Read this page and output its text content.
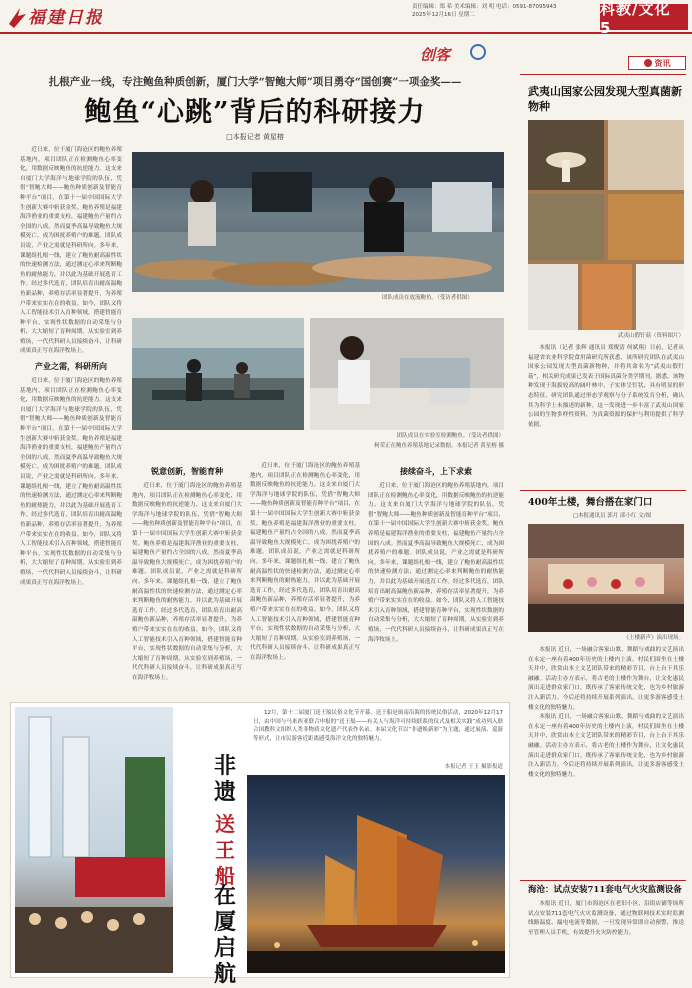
福建日报
责任编辑：郑 希 美术编辑：刘 明 电话：0591-87095943
2025年12月16日 星期二	科教/文化 5
创客
扎根产业一线，专注鲍鱼种质创新，厦门大学“智鲍大师”项目勇夺“国创赛”一项金奖——
鲍鱼“心跳”背后的科研接力
□本报记者 黄星榕

近日来，位于厦门海沧区的鲍鱼养殖基地内，项目团队正在检测鲍鱼心率变化，用数据反映鲍鱼的抗逆能力。这支来自厦门大学海洋与地球学院的队伍，凭借“智鲍大师——鲍鱼种质创新及智能育种平台”项目，在第十一届中国国际大学生创新大赛中斩获金奖。鲍鱼养殖是福建海洋渔业的重要支柱，福建鲍鱼产量约占全国的八成。然而夏季高温导致鲍鱼大规模死亡，成为困扰养殖户的难题。团队成员说，产业之需就是科研所向。多年来，课题组扎根一线，建立了鲍鱼耐高温性状的快速检测方法，通过测定心率来判断鲍鱼的耐热能力，并以此为基础开展选育工作。经过多代选育，团队培育出耐高温鲍鱼新品种，养殖存活率显著提升，为养殖户带来实实在在的收益。如今，团队又将人工智能技术引入育种领域，搭建智能育种平台，实现性状数据的自动采集与分析，大大缩短了育种周期。从实验室到养殖场，一代代科研人员接续奋斗，让科研成果真正写在海洋牧场上。

产业之需，科研所向

近日来，位于厦门海沧区的鲍鱼养殖基地内，项目团队正在检测鲍鱼心率变化，用数据反映鲍鱼的抗逆能力。这支来自厦门大学海洋与地球学院的队伍，凭借“智鲍大师——鲍鱼种质创新及智能育种平台”项目，在第十一届中国国际大学生创新大赛中斩获金奖。鲍鱼养殖是福建海洋渔业的重要支柱，福建鲍鱼产量约占全国的八成。然而夏季高温导致鲍鱼大规模死亡，成为困扰养殖户的难题。团队成员说，产业之需就是科研所向。多年来，课题组扎根一线，建立了鲍鱼耐高温性状的快速检测方法，通过测定心率来判断鲍鱼的耐热能力，并以此为基础开展选育工作。经过多代选育，团队培育出耐高温鲍鱼新品种，养殖存活率显著提升，为养殖户带来实实在在的收益。如今，团队又将人工智能技术引入育种领域，搭建智能育种平台，实现性状数据的自动采集与分析，大大缩短了育种周期。从实验室到养殖场，一代代科研人员接续奋斗，让科研成果真正写在海洋牧场上。

团队成员在放流鲍鱼。（受访者供图）
团队成员在实验室检测鲍鱼。（受访者供图）
柯荣正在鲍鱼养殖基地记录数据。本报记者 黄星榕 摄

锐意创新，智能育种

近日来，位于厦门海沧区的鲍鱼养殖基地内，项目团队正在检测鲍鱼心率变化，用数据反映鲍鱼的抗逆能力。这支来自厦门大学海洋与地球学院的队伍，凭借“智鲍大师——鲍鱼种质创新及智能育种平台”项目，在第十一届中国国际大学生创新大赛中斩获金奖。鲍鱼养殖是福建海洋渔业的重要支柱，福建鲍鱼产量约占全国的八成。然而夏季高温导致鲍鱼大规模死亡，成为困扰养殖户的难题。团队成员说，产业之需就是科研所向。多年来，课题组扎根一线，建立了鲍鱼耐高温性状的快速检测方法，通过测定心率来判断鲍鱼的耐热能力，并以此为基础开展选育工作。经过多代选育，团队培育出耐高温鲍鱼新品种，养殖存活率显著提升，为养殖户带来实实在在的收益。如今，团队又将人工智能技术引入育种领域，搭建智能育种平台，实现性状数据的自动采集与分析，大大缩短了育种周期。从实验室到养殖场，一代代科研人员接续奋斗，让科研成果真正写在海洋牧场上。

近日来，位于厦门海沧区的鲍鱼养殖基地内，项目团队正在检测鲍鱼心率变化，用数据反映鲍鱼的抗逆能力。这支来自厦门大学海洋与地球学院的队伍，凭借“智鲍大师——鲍鱼种质创新及智能育种平台”项目，在第十一届中国国际大学生创新大赛中斩获金奖。鲍鱼养殖是福建海洋渔业的重要支柱，福建鲍鱼产量约占全国的八成。然而夏季高温导致鲍鱼大规模死亡，成为困扰养殖户的难题。团队成员说，产业之需就是科研所向。多年来，课题组扎根一线，建立了鲍鱼耐高温性状的快速检测方法，通过测定心率来判断鲍鱼的耐热能力，并以此为基础开展选育工作。经过多代选育，团队培育出耐高温鲍鱼新品种，养殖存活率显著提升，为养殖户带来实实在在的收益。如今，团队又将人工智能技术引入育种领域，搭建智能育种平台，实现性状数据的自动采集与分析，大大缩短了育种周期。从实验室到养殖场，一代代科研人员接续奋斗，让科研成果真正写在海洋牧场上。

接续奋斗，上下求索

近日来，位于厦门海沧区的鲍鱼养殖基地内，项目团队正在检测鲍鱼心率变化，用数据反映鲍鱼的抗逆能力。这支来自厦门大学海洋与地球学院的队伍，凭借“智鲍大师——鲍鱼种质创新及智能育种平台”项目，在第十一届中国国际大学生创新大赛中斩获金奖。鲍鱼养殖是福建海洋渔业的重要支柱，福建鲍鱼产量约占全国的八成。然而夏季高温导致鲍鱼大规模死亡，成为困扰养殖户的难题。团队成员说，产业之需就是科研所向。多年来，课题组扎根一线，建立了鲍鱼耐高温性状的快速检测方法，通过测定心率来判断鲍鱼的耐热能力，并以此为基础开展选育工作。经过多代选育，团队培育出耐高温鲍鱼新品种，养殖存活率显著提升，为养殖户带来实实在在的收益。如今，团队又将人工智能技术引入育种领域，搭建智能育种平台，实现性状数据的自动采集与分析，大大缩短了育种周期。从实验室到养殖场，一代代科研人员接续奋斗，让科研成果真正写在海洋牧场上。

非遗
送王船
在厦启航

12月，第十二届厦门送王船民俗文化节开幕。送王船是闽南沿海的传统民俗活动，2020年12月17日，由中国与马来西亚联合申报的“送王船——有关人与海洋可持续联系的仪式及相关实践”成功列入联合国教科文组织人类非物质文化遗产代表作名录。本届文化节以“非遗焕新彩”为主题，通过展演、巡游等形式，让市民游客近距离感受海洋文化的独特魅力。

本报记者 王玉 摄影报道
资讯
武夷山国家公园发现大型真菌新物种
武夷山假钉菇（资料图片）

本报讯（记者 张辉 通讯员 郑俊清 何斌翔）日前，记者从福建省农业科学院食用菌研究所获悉，该所研究团队在武夷山国家公园发现大型真菌新物种，并将其命名为“武夷山假钉菇”，相关研究成果已发表于国际真菌分类学期刊。据悉，该物种发现于海拔较高的阔叶林中，子实体呈钉状，具有明显的形态特征。研究团队通过形态学观察与分子系统发育分析，确认其为科学上未描述的新种。这一发现进一步丰富了武夷山国家公园的生物多样性资料，为真菌资源的保护与利用提供了科学依据。

400年土楼，舞台搭在家门口
□本报通讯员 郭月 邱小红 文/图
《土楼新声》演出现场。

本报讯 近日，一场融合客家山歌、舞蹈与戏曲的文艺演出在永定一座有着400年历史的土楼内上演。村民们围坐在土楼天井中，欣赏由本土文艺团队带来的精彩节目，台上台下其乐融融。活动主办方表示，将古老的土楼作为舞台，让文化惠民演出走进群众家门口，既传承了客家传统文化，也为乡村旅游注入新活力。今后还将持续开展系列演出，让更多游客感受土楼文化的独特魅力。

本报讯 近日，一场融合客家山歌、舞蹈与戏曲的文艺演出在永定一座有着400年历史的土楼内上演。村民们围坐在土楼天井中，欣赏由本土文艺团队带来的精彩节目，台上台下其乐融融。活动主办方表示，将古老的土楼作为舞台，让文化惠民演出走进群众家门口，既传承了客家传统文化，也为乡村旅游注入新活力。今后还将持续开展系列演出，让更多游客感受土楼文化的独特魅力。

海沧：试点安装711套电气火灾监测设备

本报讯 近日，厦门市海沧区在老旧小区、沿街店铺等场所试点安装711套电气火灾监测设备，通过物联网技术实时监测线路温度、漏电电流等数据，一旦发现异常即自动预警，推送至管理人员手机，有效提升火灾防控能力。
